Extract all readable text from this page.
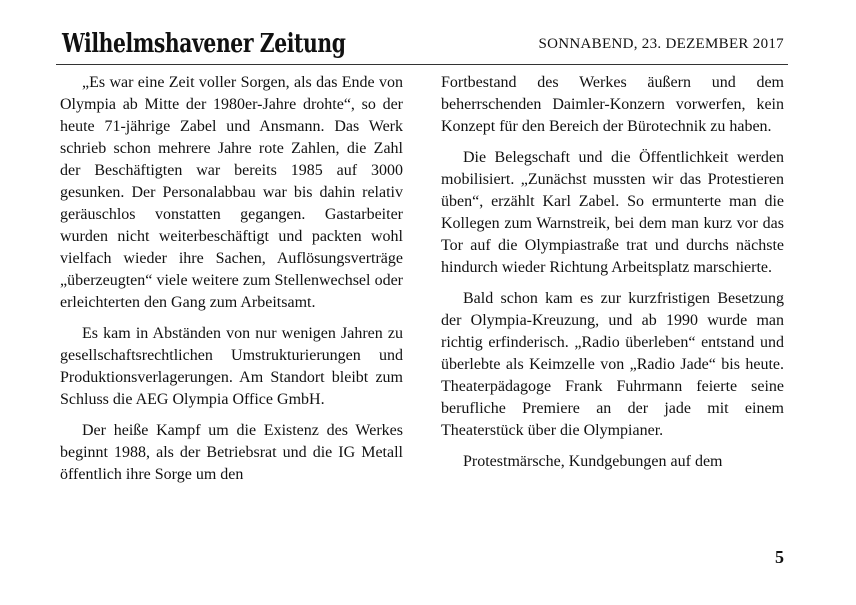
Wilhelmshavener Zeitung	SONNABEND, 23. DEZEMBER 2017

„Es war eine Zeit voller Sorgen, als das Ende von Olympia ab Mitte der 1980er-Jahre drohte“, so der heute 71-jährige Zabel und Ansmann. Das Werk schrieb schon mehrere Jahre rote Zahlen, die Zahl der Beschäftigten war bereits 1985 auf 3000 gesunken. Der Personalabbau war bis dahin relativ geräuschlos vonstatten gegangen. Gastarbeiter wurden nicht weiterbeschäftigt und packten wohl vielfach wieder ihre Sachen, Auflösungsverträge „überzeugten“ viele weitere zum Stellenwechsel oder erleichterten den Gang zum Arbeitsamt.

Es kam in Abständen von nur wenigen Jahren zu gesellschaftsrechtlichen Umstrukturierungen und Produktionsverlagerungen. Am Standort bleibt zum Schluss die AEG Olympia Office GmbH.

Der heiße Kampf um die Existenz des Werkes beginnt 1988, als der Betriebsrat und die IG Metall öffentlich ihre Sorge um den

Fortbestand des Werkes äußern und dem beherrschenden Daimler-Konzern vorwerfen, kein Konzept für den Bereich der Bürotechnik zu haben.

Die Belegschaft und die Öffentlichkeit werden mobilisiert. „Zunächst mussten wir das Protestieren üben“, erzählt Karl Zabel. So ermunterte man die Kollegen zum Warnstreik, bei dem man kurz vor das Tor auf die Olympiastraße trat und durchs nächste hindurch wieder Richtung Arbeitsplatz marschierte.

Bald schon kam es zur kurzfristigen Besetzung der Olympia-Kreuzung, und ab 1990 wurde man richtig erfinderisch. „Radio überleben“ entstand und überlebte als Keimzelle von „Radio Jade“ bis heute. Theaterpädagoge Frank Fuhrmann feierte seine berufliche Premiere an der jade mit einem Theaterstück über die Olympianer.

Protestmärsche, Kundgebungen auf dem

5
